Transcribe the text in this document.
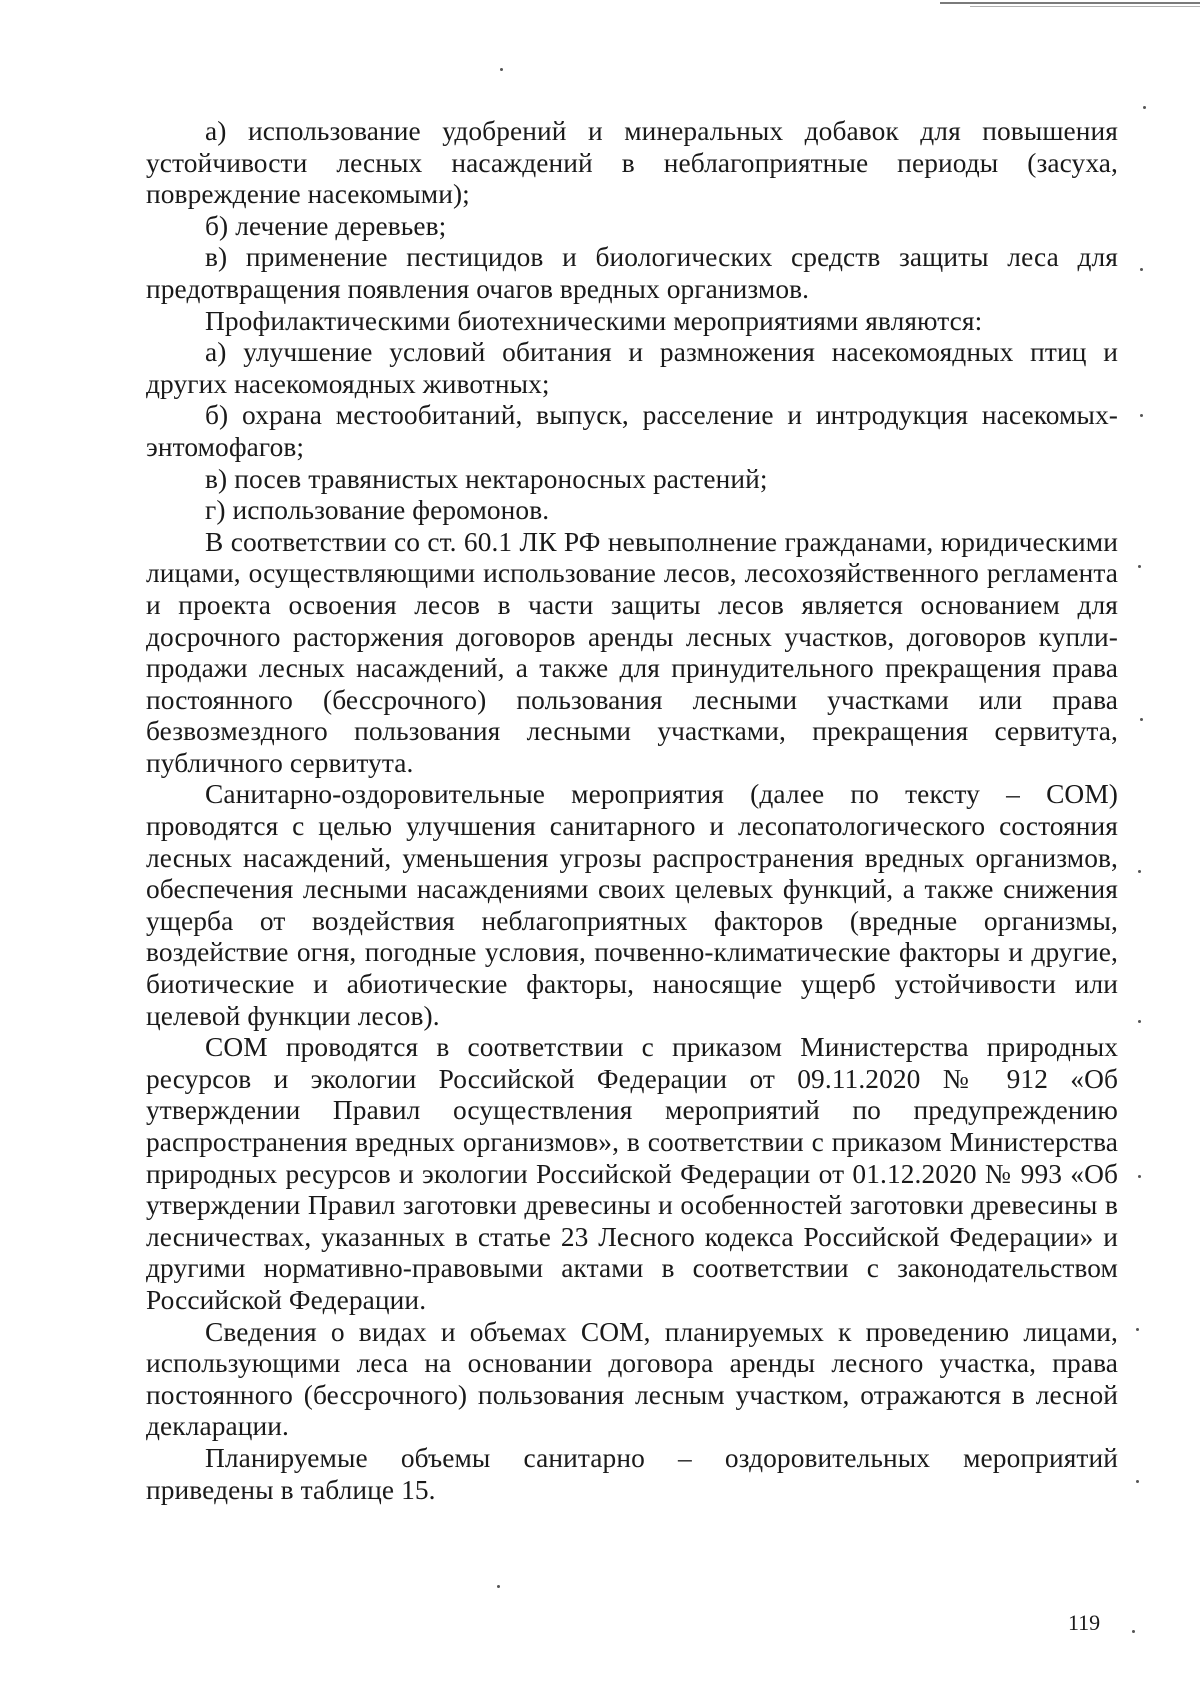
а) использование удобрений и минеральных добавок для повышения устойчивости лесных насаждений в неблагоприятные периоды (засуха, повреждение насекомыми);

б) лечение деревьев;

в) применение пестицидов и биологических средств защиты леса для предотвращения появления очагов вредных организмов.

Профилактическими биотехническими мероприятиями являются:

а) улучшение условий обитания и размножения насекомоядных птиц и других насекомоядных животных;

б) охрана местообитаний, выпуск, расселение и интродукция насекомых-энтомофагов;

в) посев травянистых нектароносных растений;

г) использование феромонов.

В соответствии со ст. 60.1 ЛК РФ невыполнение гражданами, юридическими лицами, осуществляющими использование лесов, лесохозяйственного регламента и проекта освоения лесов в части защиты лесов является основанием для досрочного расторжения договоров аренды лесных участков, договоров купли-продажи лесных насаждений, а также для принудительного прекращения права постоянного (бессрочного) пользования лесными участками или права безвозмездного пользования лесными участками, прекращения сервитута, публичного сервитута.

Санитарно-оздоровительные мероприятия (далее по тексту – СОМ) проводятся с целью улучшения санитарного и лесопатологического состояния лесных насаждений, уменьшения угрозы распространения вредных организмов, обеспечения лесными насаждениями своих целевых функций, а также снижения ущерба от воздействия неблагоприятных факторов (вредные организмы, воздействие огня, погодные условия, почвенно-климатические факторы и другие, биотические и абиотические факторы, наносящие ущерб устойчивости или целевой функции лесов).

СОМ проводятся в соответствии с приказом Министерства природных ресурсов и экологии Российской Федерации от 09.11.2020 № 912 «Об утверждении Правил осуществления мероприятий по предупреждению распространения вредных организмов», в соответствии с приказом Министерства природных ресурсов и экологии Российской Федерации от 01.12.2020 № 993 «Об утверждении Правил заготовки древесины и особенностей заготовки древесины в лесничествах, указанных в статье 23 Лесного кодекса Российской Федерации» и другими нормативно-правовыми актами в соответствии с законодательством Российской Федерации.

Сведения о видах и объемах СОМ, планируемых к проведению лицами, использующими леса на основании договора аренды лесного участка, права постоянного (бессрочного) пользования лесным участком, отражаются в лесной декларации.

Планируемые объемы санитарно – оздоровительных мероприятий приведены в таблице 15.

119
